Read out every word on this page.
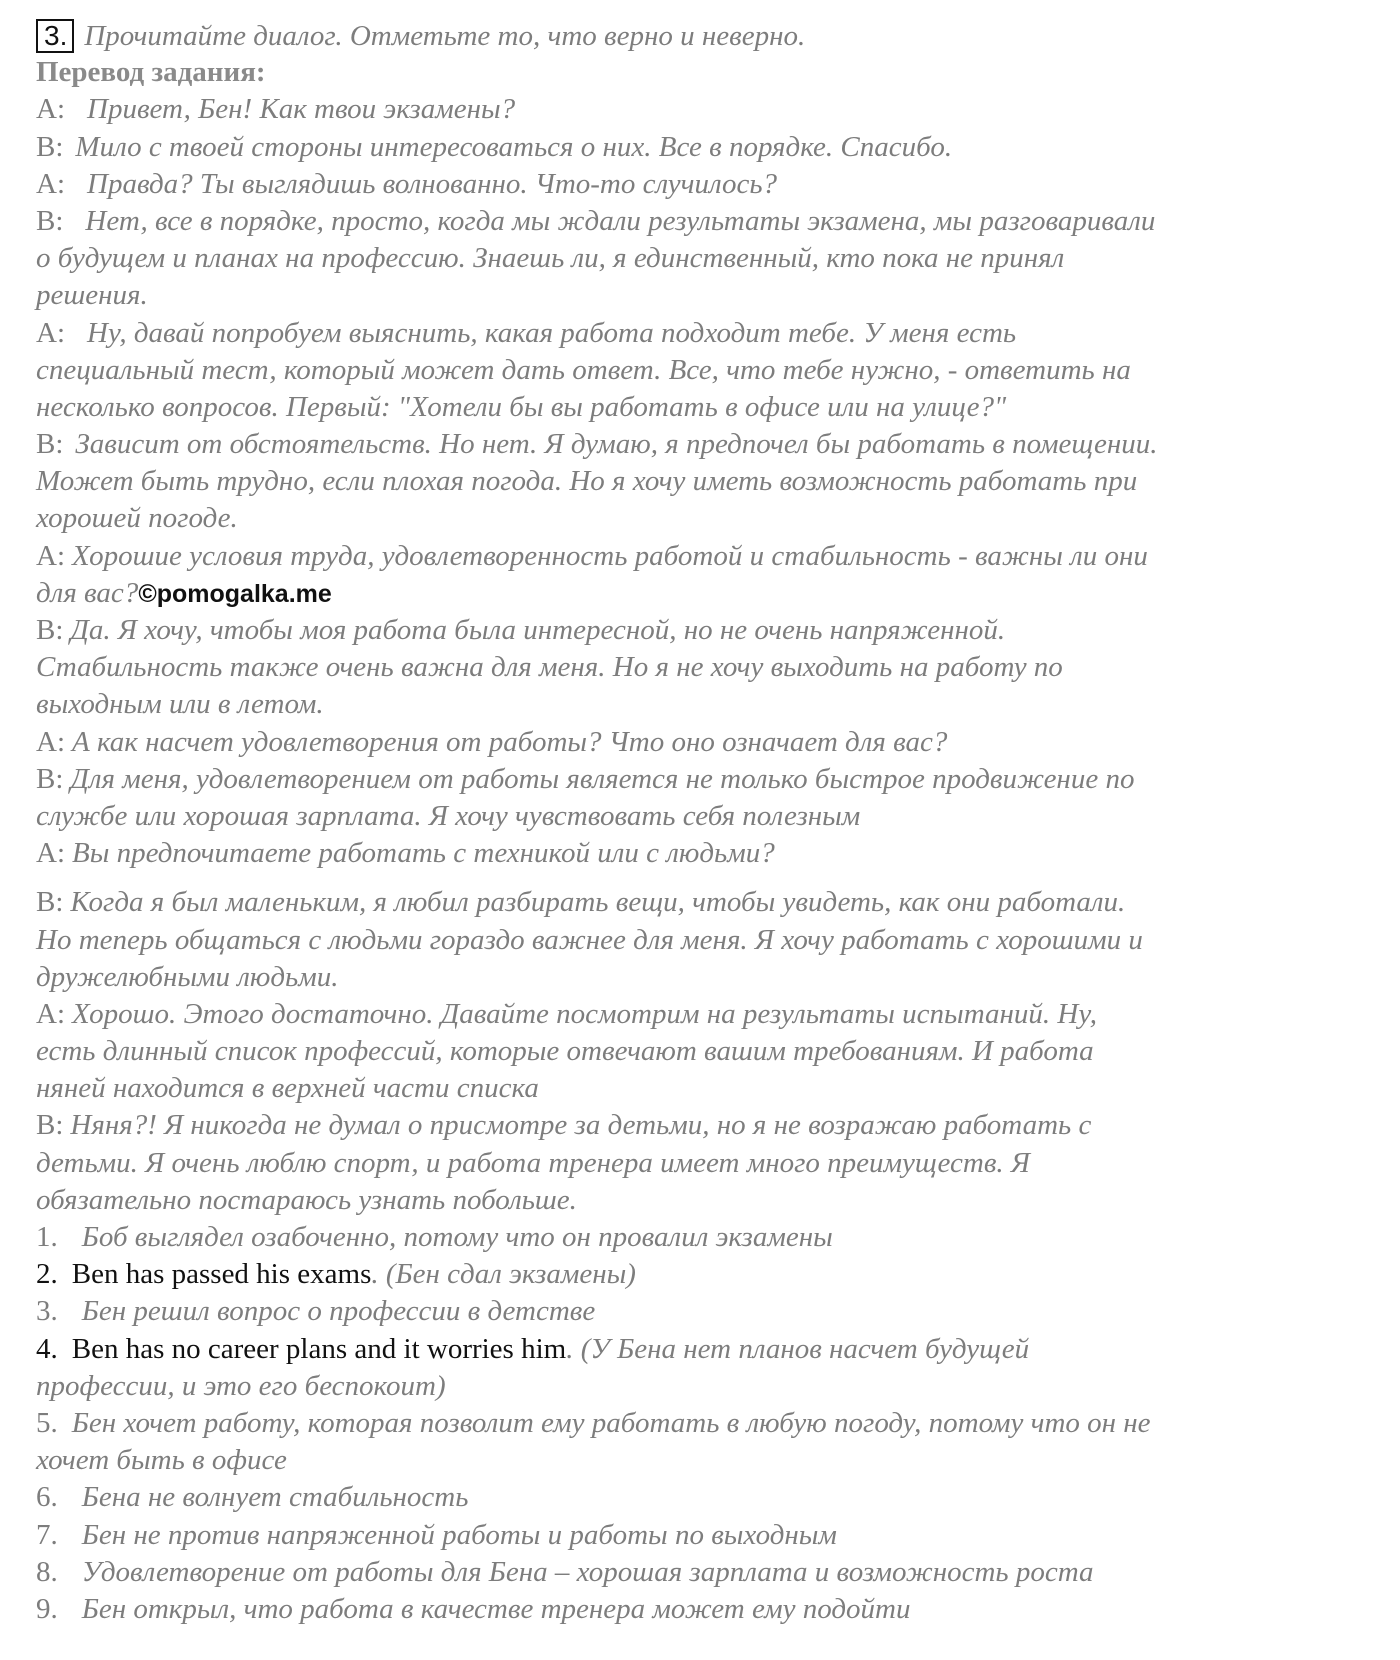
3. Прочитайте диалог. Отметьте то, что верно и неверно.
Перевод задания:
A: Привет, Бен! Как твои экзамены?
B: Мило с твоей стороны интересоваться о них. Все в порядке. Спасибо.
A: Правда? Ты выглядишь волнованно. Что-то случилось?
B: Нет, все в порядке, просто, когда мы ждали результаты экзамена, мы разговаривали
о будущем и планах на профессию. Знаешь ли, я единственный, кто пока не принял
решения.
A: Ну, давай попробуем выяснить, какая работа подходит тебе. У меня есть
специальный тест, который может дать ответ. Все, что тебе нужно, - ответить на
несколько вопросов. Первый: "Хотели бы вы работать в офисе или на улице?"
B: Зависит от обстоятельств. Но нет. Я думаю, я предпочел бы работать в помещении.
Может быть трудно, если плохая погода. Но я хочу иметь возможность работать при
хорошей погоде.
A: Хорошие условия труда, удовлетворенность работой и стабильность - важны ли они
для вас?©pomogalka.me
B: Да. Я хочу, чтобы моя работа была интересной, но не очень напряженной.
Стабильность также очень важна для меня. Но я не хочу выходить на работу по
выходным или в летом.
A: А как насчет удовлетворения от работы? Что оно означает для вас?
B: Для меня, удовлетворением от работы является не только быстрое продвижение по
службе или хорошая зарплата. Я хочу чувствовать себя полезным
A: Вы предпочитаете работать с техникой или с людьми?
B: Когда я был маленьким, я любил разбирать вещи, чтобы увидеть, как они работали.
Но теперь общаться с людьми гораздо важнее для меня. Я хочу работать с хорошими и
дружелюбными людьми.
A: Хорошо. Этого достаточно. Давайте посмотрим на результаты испытаний. Ну,
есть длинный список профессий, которые отвечают вашим требованиям. И работа
няней находится в верхней части списка
B: Няня?! Я никогда не думал о присмотре за детьми, но я не возражаю работать с
детьми. Я очень люблю спорт, и работа тренера имеет много преимуществ. Я
обязательно постараюсь узнать побольше.
1. Боб выглядел озабоченно, потому что он провалил экзамены
2. Ben has passed his exams. (Бен сдал экзамены)
3. Бен решил вопрос о профессии в детстве
4. Ben has no career plans and it worries him. (У Бена нет планов насчет будущей
профессии, и это его беспокоит)
5. Бен хочет работу, которая позволит ему работать в любую погоду, потому что он не
хочет быть в офисе
6. Бена не волнует стабильность
7. Бен не против напряженной работы и работы по выходным
8. Удовлетворение от работы для Бена – хорошая зарплата и возможность роста
9. Бен открыл, что работа в качестве тренера может ему подойти
